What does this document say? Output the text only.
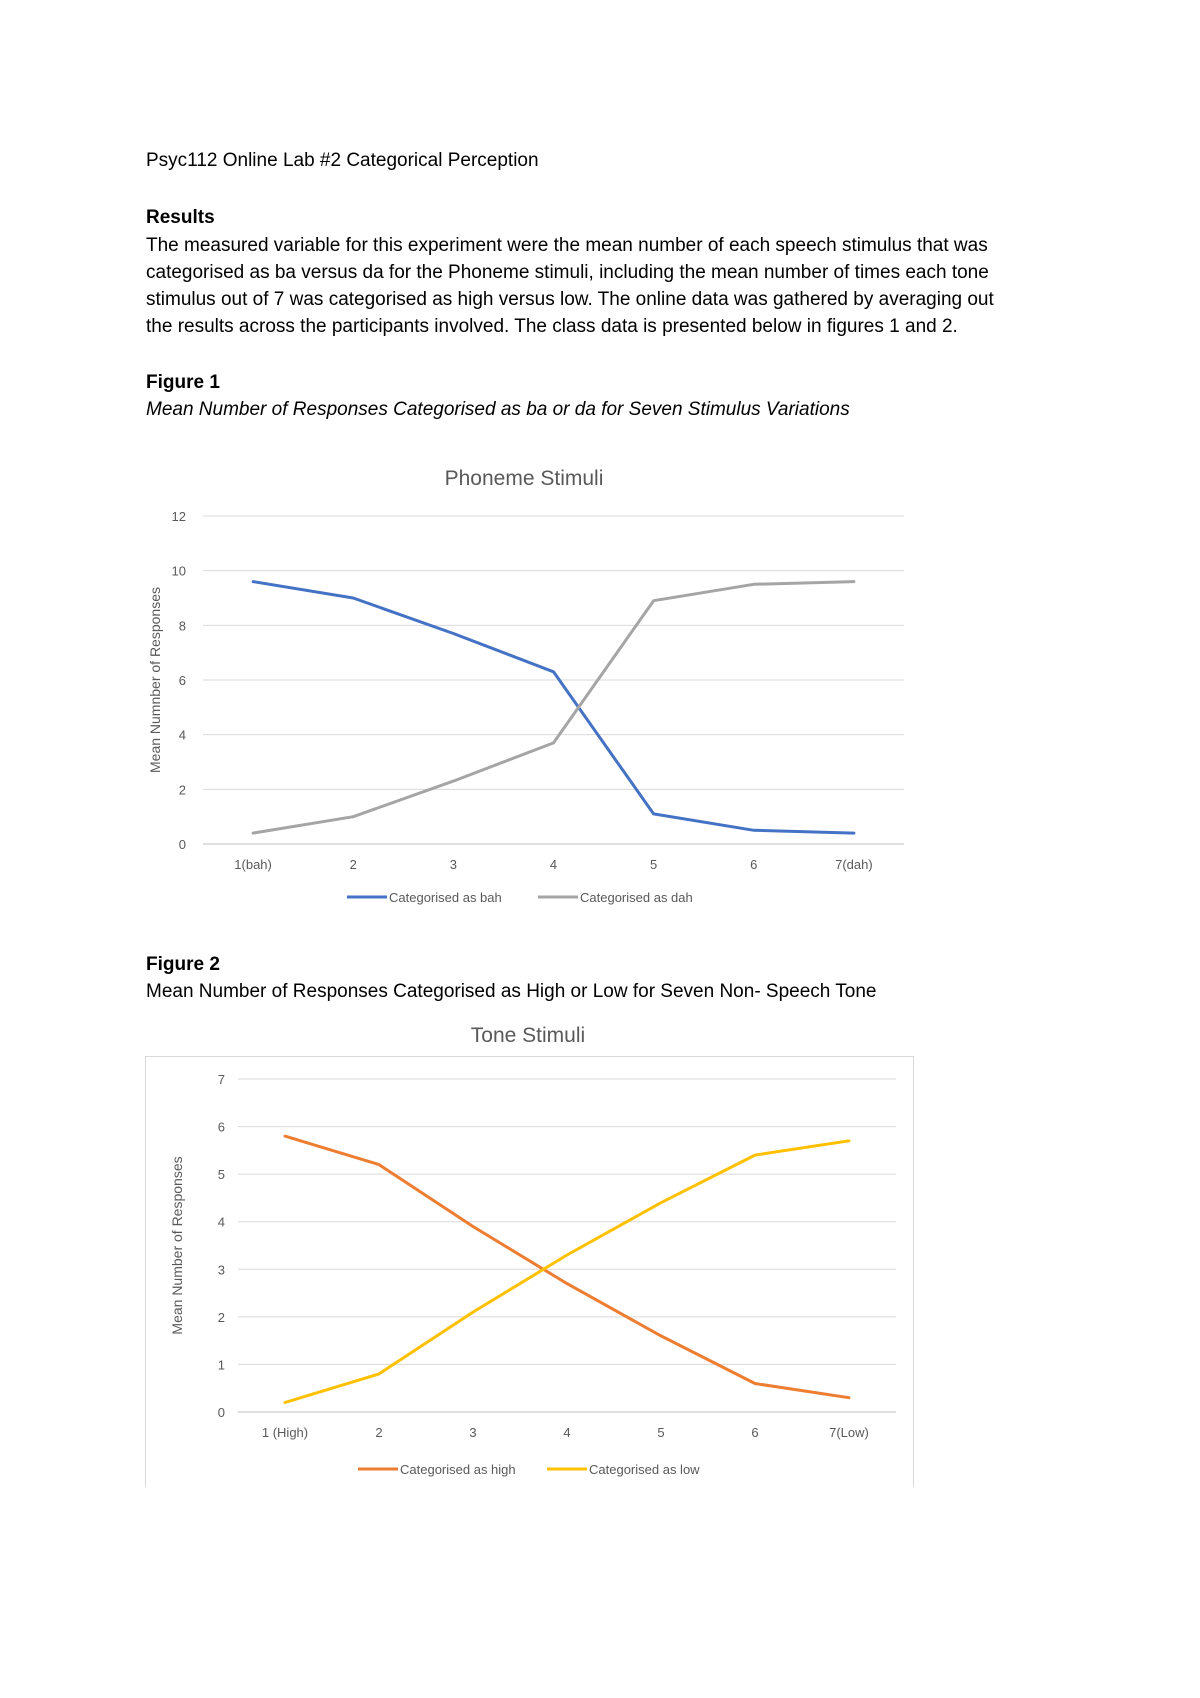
Psyc112 Online Lab #2 Categorical Perception

Results

The measured variable for this experiment were the mean number of each speech stimulus that was
categorised as ba versus da for the Phoneme stimuli, including the mean number of times each tone
stimulus out of 7 was categorised as high versus low. The online data was gathered by averaging out
the results across the participants involved. The class data is presented below in figures 1 and 2.

Figure 1

Mean Number of Responses Categorised as ba or da for Seven Stimulus Variations

Phoneme Stimuli
0
2
4
6
8
10
12
1(bah)	2	3	4	5	6	7(dah)
Mean Numnber of Responses
Categorised as bah	Categorised as dah

Figure 2

Mean Number of Responses Categorised as High or Low for Seven Non- Speech Tone

Tone Stimuli
0
1
2
3
4
5
6
7
1 (High)	2	3	4	5	6	7(Low)
Mean Number of Responses
Categorised as high	Categorised as low
